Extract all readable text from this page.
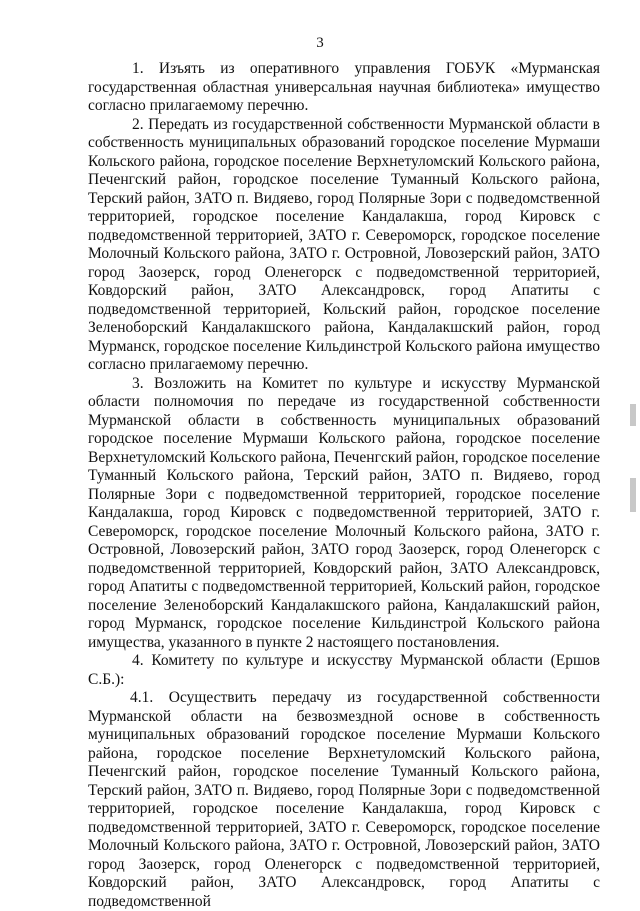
3

1. Изъять из оперативного управления ГОБУК «Мурманская государственная областная универсальная научная библиотека» имущество согласно прилагаемому перечню.

2. Передать из государственной собственности Мурманской области в собственность муниципальных образований городское поселение Мурмаши Кольского района, городское поселение Верхнетуломский Кольского района, Печенгский район, городское поселение Туманный Кольского района, Терский район, ЗАТО п. Видяево, город Полярные Зори с подведомственной территорией, городское поселение Кандалакша, город Кировск с подведомственной территорией, ЗАТО г. Североморск, городское поселение Молочный Кольского района, ЗАТО г. Островной, Ловозерский район, ЗАТО город Заозерск, город Оленегорск с подведомственной территорией, Ковдорский район, ЗАТО Александровск, город Апатиты с подведомственной территорией, Кольский район, городское поселение Зеленоборский Кандалакшского района, Кандалакшский район, город Мурманск, городское поселение Кильдинстрой Кольского района имущество согласно прилагаемому перечню.

3. Возложить на Комитет по культуре и искусству Мурманской области полномочия по передаче из государственной собственности Мурманской области в собственность муниципальных образований городское поселение Мурмаши Кольского района, городское поселение Верхнетуломский Кольского района, Печенгский район, городское поселение Туманный Кольского района, Терский район, ЗАТО п. Видяево, город Полярные Зори с подведомственной территорией, городское поселение Кандалакша, город Кировск с подведомственной территорией, ЗАТО г. Североморск, городское поселение Молочный Кольского района, ЗАТО г. Островной, Ловозерский район, ЗАТО город Заозерск, город Оленегорск с подведомственной территорией, Ковдорский район, ЗАТО Александровск, город Апатиты с подведомственной территорией, Кольский район, городское поселение Зеленоборский Кандалакшского района, Кандалакшский район, город Мурманск, городское поселение Кильдинстрой Кольского района имущества, указанного в пункте 2 настоящего постановления.

4. Комитету по культуре и искусству Мурманской области (Ершов С.Б.):

4.1. Осуществить передачу из государственной собственности Мурманской области на безвозмездной основе в собственность муниципальных образований городское поселение Мурмаши Кольского района, городское поселение Верхнетуломский Кольского района, Печенгский район, городское поселение Туманный Кольского района, Терский район, ЗАТО п. Видяево, город Полярные Зори с подведомственной территорией, городское поселение Кандалакша, город Кировск с подведомственной территорией, ЗАТО г. Североморск, городское поселение Молочный Кольского района, ЗАТО г. Островной, Ловозерский район, ЗАТО город Заозерск, город Оленегорск с подведомственной территорией, Ковдорский район, ЗАТО Александровск, город Апатиты с подведомственной
